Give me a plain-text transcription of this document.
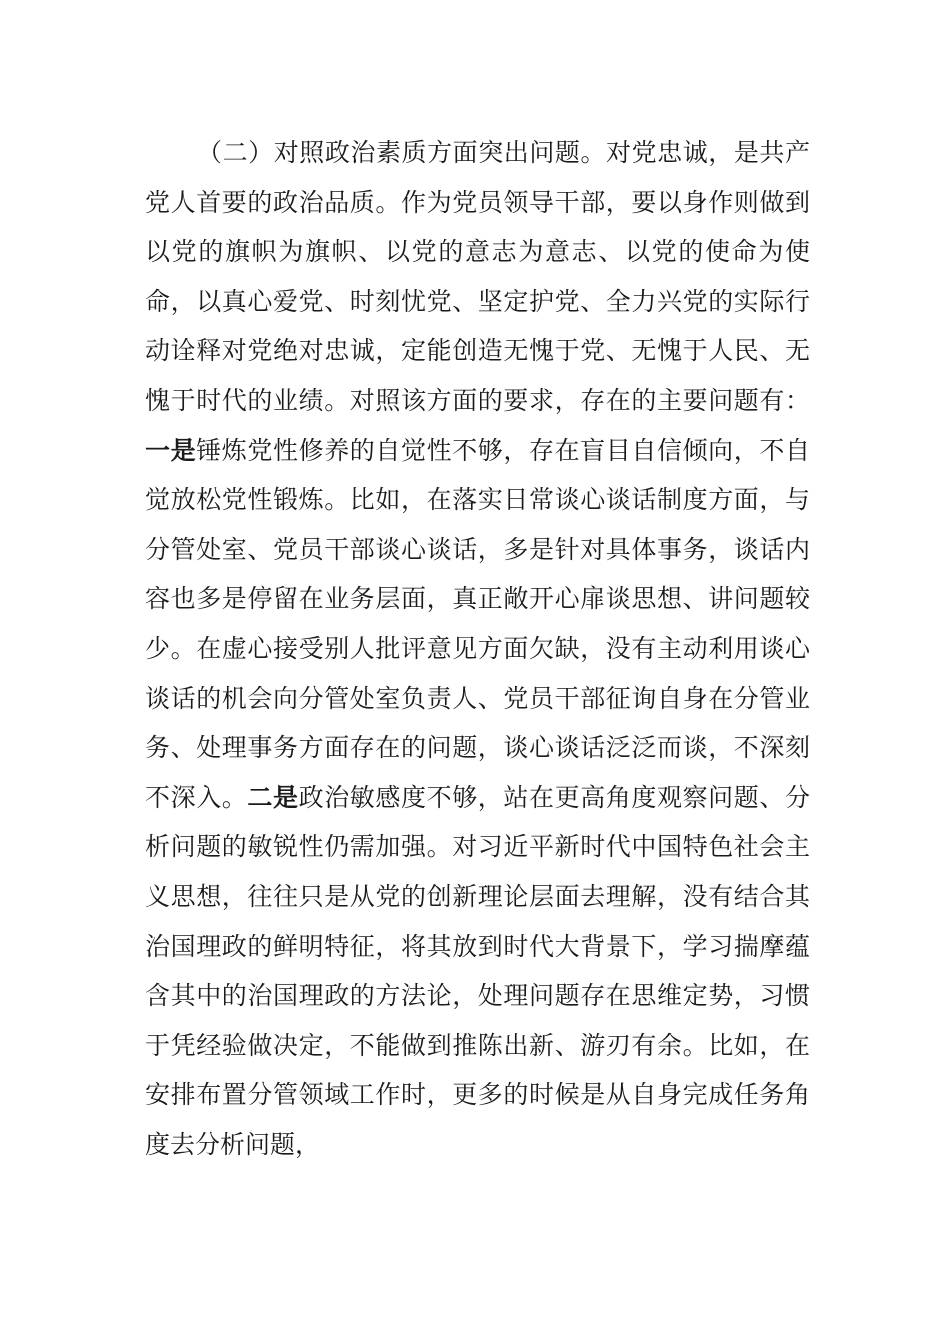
（二）对照政治素质方面突出问题。对党忠诚，是共产党人首要的政治品质。作为党员领导干部，要以身作则做到以党的旗帜为旗帜、以党的意志为意志、以党的使命为使命，以真心爱党、时刻忧党、坚定护党、全力兴党的实际行动诠释对党绝对忠诚，定能创造无愧于党、无愧于人民、无愧于时代的业绩。对照该方面的要求，存在的主要问题有：一是锤炼党性修养的自觉性不够，存在盲目自信倾向，不自觉放松党性锻炼。比如，在落实日常谈心谈话制度方面，与分管处室、党员干部谈心谈话，多是针对具体事务，谈话内容也多是停留在业务层面，真正敞开心扉谈思想、讲问题较少。在虚心接受别人批评意见方面欠缺，没有主动利用谈心谈话的机会向分管处室负责人、党员干部征询自身在分管业务、处理事务方面存在的问题，谈心谈话泛泛而谈，不深刻不深入。二是政治敏感度不够，站在更高角度观察问题、分析问题的敏锐性仍需加强。对习近平新时代中国特色社会主义思想，往往只是从党的创新理论层面去理解，没有结合其治国理政的鲜明特征，将其放到时代大背景下，学习揣摩蕴含其中的治国理政的方法论，处理问题存在思维定势，习惯于凭经验做决定，不能做到推陈出新、游刃有余。比如，在安排布置分管领域工作时，更多的时候是从自身完成任务角度去分析问题，
